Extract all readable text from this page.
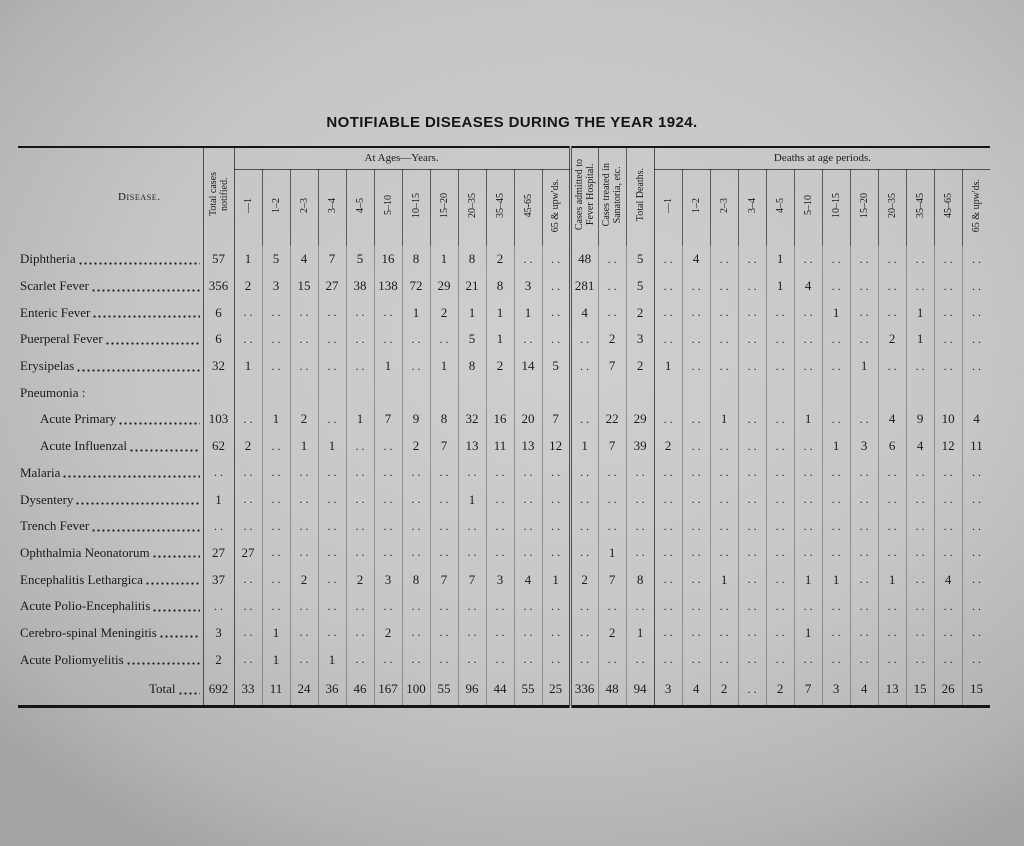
NOTIFIABLE DISEASES DURING THE YEAR 1924.
Disease.	Total cases notified.	At Ages—Years.												Cases admitted to Fever Hospital.	Cases treated in Sanatoria, etc.	Total Deaths.	Deaths at age periods.											
		—1	1–2	2–3	3–4	4–5	5–10	10–15	15–20	20–35	35–45	45-65	65 & upw'ds.				—1	1–2	2–3	3–4	4–5	5–10	10–15	15–20	20–35	35–45	45–65	65 & upw'ds.

Diphtheria	57	1	5	4	7	5	16	8	1	8	2	..	..	48	..	5	..	4	..	..	1	..	..	..	..	..	..	..

Scarlet Fever	356	2	3	15	27	38	138	72	29	21	8	3	..	281	..	5	..	..	..	..	1	4	..	..	..	..	..	..

Enteric Fever	6	..	..	..	..	..	..	1	2	1	1	1	..	4	..	2	..	..	..	..	..	..	1	..	..	1	..	..

Puerperal Fever	6	..	..	..	..	..	..	..	..	5	1	..	..	..	2	3	..	..	..	..	..	..	..	..	2	1	..	..

Erysipelas	32	1	..	..	..	..	1	..	1	8	2	14	5	..	7	2	1	..	..	..	..	..	..	1	..	..	..	..

Pneumonia :																												

Acute Primary	103	..	1	2	..	1	7	9	8	32	16	20	7	..	22	29	..	..	1	..	..	1	..	..	4	9	10	4

Acute Influenzal	62	2	..	1	1	..	..	2	7	13	11	13	12	1	7	39	2	..	..	..	..	..	1	3	6	4	12	11

Malaria	..	..	..	..	..	..	..	..	..	..	..	..	..	..	..	..	..	..	..	..	..	..	..	..	..	..	..	..

Dysentery	1	..	..	..	..	..	..	..	..	1	..	..	..	..	..	..	..	..	..	..	..	..	..	..	..	..	..	..

Trench Fever	..	..	..	..	..	..	..	..	..	..	..	..	..	..	..	..	..	..	..	..	..	..	..	..	..	..	..	..

Ophthalmia Neonatorum	27	27	..	..	..	..	..	..	..	..	..	..	..	..	1	..	..	..	..	..	..	..	..	..	..	..	..	..

Encephalitis Lethargica	37	..	..	2	..	2	3	8	7	7	3	4	1	2	7	8	..	..	1	..	..	1	1	..	1	..	4	..

Acute Polio-Encephalitis	..	..	..	..	..	..	..	..	..	..	..	..	..	..	..	..	..	..	..	..	..	..	..	..	..	..	..	..

Cerebro-spinal Meningitis	3	..	1	..	..	..	2	..	..	..	..	..	..	..	2	1	..	..	..	..	..	1	..	..	..	..	..	..

Acute Poliomyelitis	2	..	1	..	1	..	..	..	..	..	..	..	..	..	..	..	..	..	..	..	..	..	..	..	..	..	..	..

Total	692	33	11	24	36	46	167	100	55	96	44	55	25	336	48	94	3	4	2	..	2	7	3	4	13	15	26	15
